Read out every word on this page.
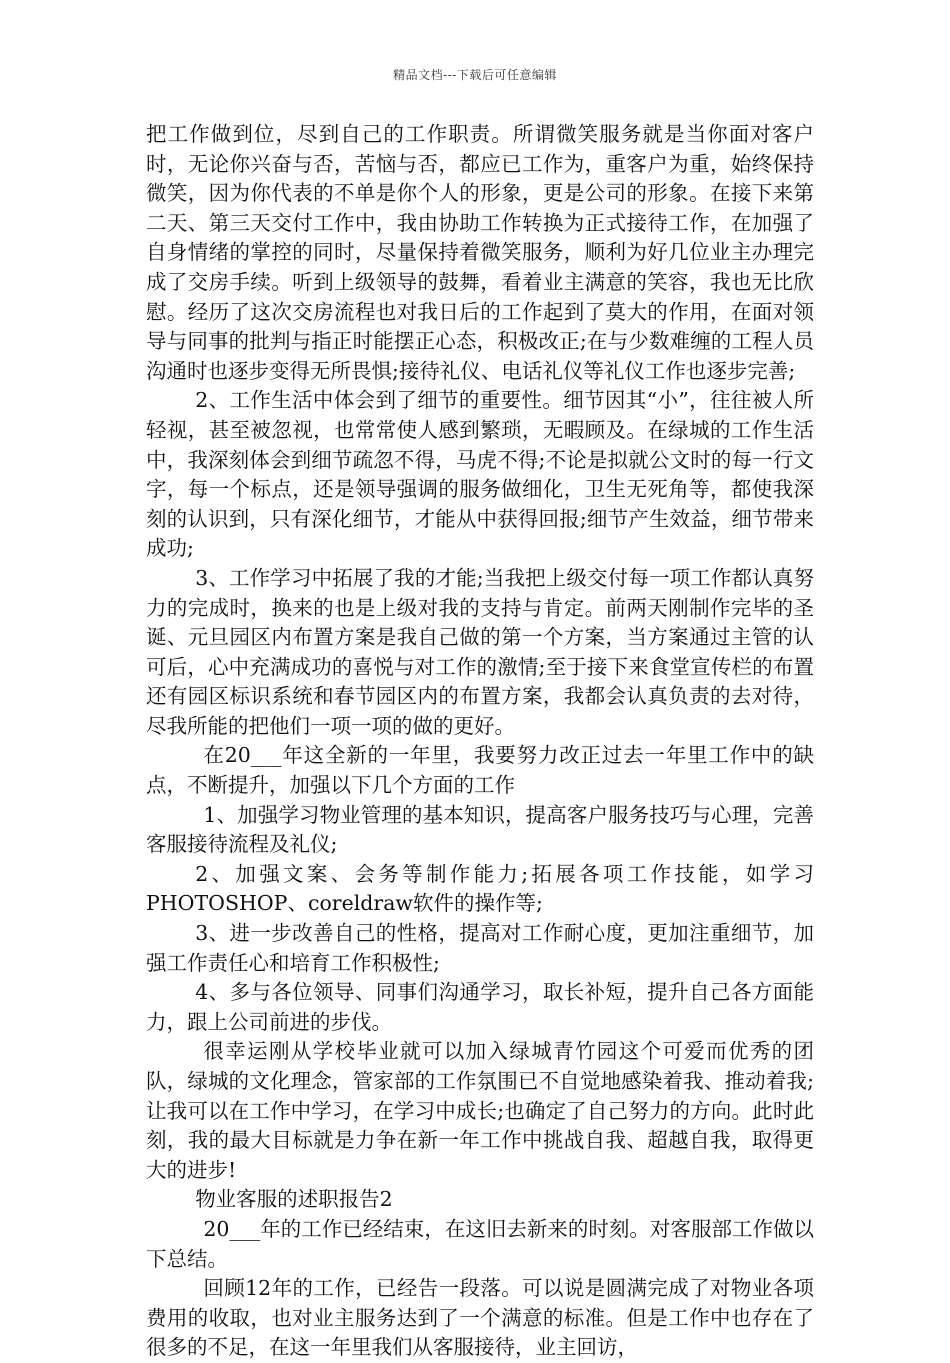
精品文档---下载后可任意编辑

把工作做到位，尽到自己的工作职责。所谓微笑服务就是当你面对客户时，无论你兴奋与否，苦恼与否，都应已工作为，重客户为重，始终保持微笑，因为你代表的不单是你个人的形象，更是公司的形象。在接下来第二天、第三天交付工作中，我由协助工作转换为正式接待工作，在加强了自身情绪的掌控的同时，尽量保持着微笑服务，顺利为好几位业主办理完成了交房手续。听到上级领导的鼓舞，看着业主满意的笑容，我也无比欣慰。经历了这次交房流程也对我日后的工作起到了莫大的作用，在面对领导与同事的批判与指正时能摆正心态，积极改正;在与少数难缠的工程人员沟通时也逐步变得无所畏惧;接待礼仪、电话礼仪等礼仪工作也逐步完善;

2、工作生活中体会到了细节的重要性。细节因其“小”，往往被人所轻视，甚至被忽视，也常常使人感到繁琐，无暇顾及。在绿城的工作生活中，我深刻体会到细节疏忽不得，马虎不得;不论是拟就公文时的每一行文字，每一个标点，还是领导强调的服务做细化，卫生无死角等，都使我深刻的认识到，只有深化细节，才能从中获得回报;细节产生效益，细节带来成功;

3、工作学习中拓展了我的才能;当我把上级交付每一项工作都认真努力的完成时，换来的也是上级对我的支持与肯定。前两天刚制作完毕的圣诞、元旦园区内布置方案是我自己做的第一个方案，当方案通过主管的认可后，心中充满成功的喜悦与对工作的激情;至于接下来食堂宣传栏的布置还有园区标识系统和春节园区内的布置方案，我都会认真负责的去对待，尽我所能的把他们一项一项的做的更好。

在20___年这全新的一年里，我要努力改正过去一年里工作中的缺点，不断提升，加强以下几个方面的工作

1、加强学习物业管理的基本知识，提高客户服务技巧与心理，完善客服接待流程及礼仪;

2、加强文案、会务等制作能力;拓展各项工作技能，如学习PHOTOSHOP、coreldraw软件的操作等;

3、进一步改善自己的性格，提高对工作耐心度，更加注重细节，加强工作责任心和培育工作积极性;

4、多与各位领导、同事们沟通学习，取长补短，提升自己各方面能力，跟上公司前进的步伐。

很幸运刚从学校毕业就可以加入绿城青竹园这个可爱而优秀的团队，绿城的文化理念，管家部的工作氛围已不自觉地感染着我、推动着我;让我可以在工作中学习，在学习中成长;也确定了自己努力的方向。此时此刻，我的最大目标就是力争在新一年工作中挑战自我、超越自我，取得更大的进步!

物业客服的述职报告2

20___年的工作已经结束，在这旧去新来的时刻。对客服部工作做以下总结。

回顾12年的工作，已经告一段落。可以说是圆满完成了对物业各项费用的收取，也对业主服务达到了一个满意的标准。但是工作中也存在了很多的不足，在这一年里我们从客服接待，业主回访，
